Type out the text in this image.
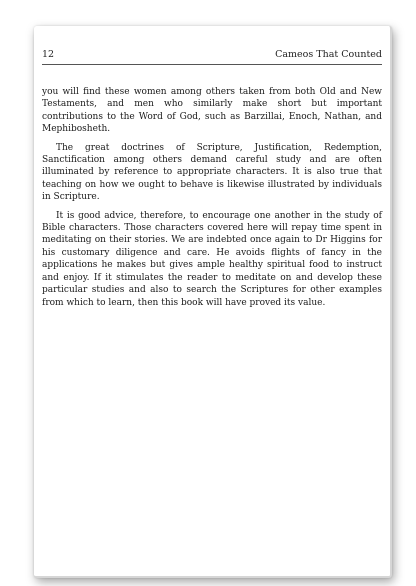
12	Cameos That Counted

you will find these women among others taken from both Old and New Testaments, and men who similarly make short but important contributions to the Word of God, such as Barzillai, Enoch, Nathan, and Mephibosheth.

The great doctrines of Scripture, Justification, Redemption, Sanctification among others demand careful study and are often illuminated by reference to appropriate characters. It is also true that teaching on how we ought to behave is likewise illustrated by individuals in Scripture.

It is good advice, therefore, to encourage one another in the study of Bible characters. Those characters covered here will repay time spent in meditating on their stories. We are indebted once again to Dr Higgins for his customary diligence and care. He avoids flights of fancy in the applications he makes but gives ample healthy spiritual food to instruct and enjoy. If it stimulates the reader to meditate on and develop these particular studies and also to search the Scriptures for other examples from which to learn, then this book will have proved its value.
